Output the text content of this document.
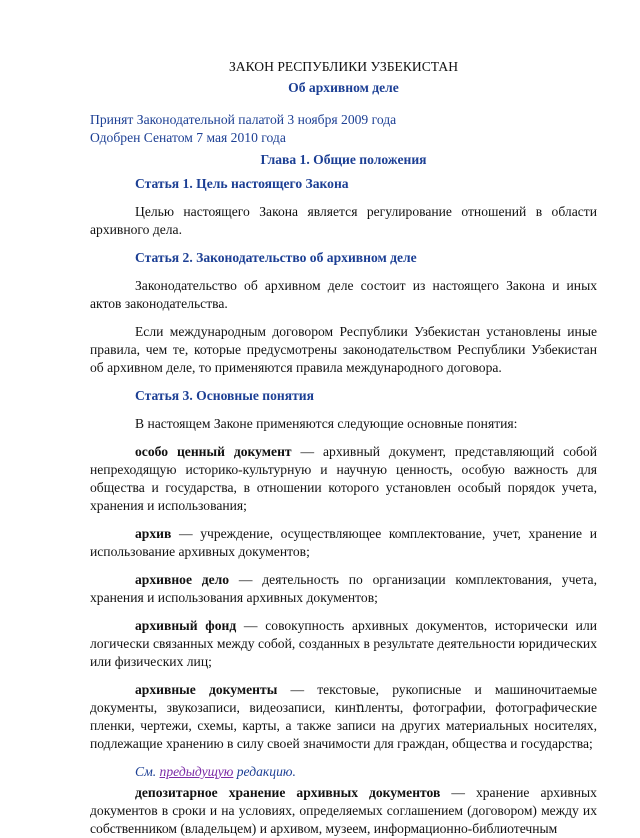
ЗАКОН РЕСПУБЛИКИ УЗБЕКИСТАН
Об архивном деле
Принят Законодательной палатой 3 ноября 2009 года
Одобрен Сенатом 7 мая 2010 года
Глава 1. Общие положения
Статья 1. Цель настоящего Закона

Целью настоящего Закона является регулирование отношений в области архивного дела.

Статья 2. Законодательство об архивном деле

Законодательство об архивном деле состоит из настоящего Закона и иных актов законодательства.

Если международным договором Республики Узбекистан установлены иные правила, чем те, которые предусмотрены законодательством Республики Узбекистан об архивном деле, то применяются правила международного договора.

Статья 3. Основные понятия

В настоящем Законе применяются следующие основные понятия:

особо ценный документ — архивный документ, представляющий собой непреходящую историко-культурную и научную ценность, особую важность для общества и государства, в отношении которого установлен особый порядок учета, хранения и использования;

архив — учреждение, осуществляющее комплектование, учет, хранение и использование архивных документов;

архивное дело — деятельность по организации комплектования, учета, хранения и использования архивных документов;

архивный фонд — совокупность архивных документов, исторически или логически связанных между собой, созданных в результате деятельности юридических или физических лиц;

архивные документы — текстовые, рукописные и машиночитаемые документы, звукозаписи, видеозаписи, кинոленты, фотографии, фотографические пленки, чертежи, схемы, карты, а также записи на других материальных носителях, подлежащие хранению в силу своей значимости для граждан, общества и государства;

См. предыдущую редакцию.

депозитарное хранение архивных документов — хранение архивных документов в сроки и на условиях, определяемых соглашением (договором) между их собственником (владельцем) и архивом, музеем, информационно-библиотечным
